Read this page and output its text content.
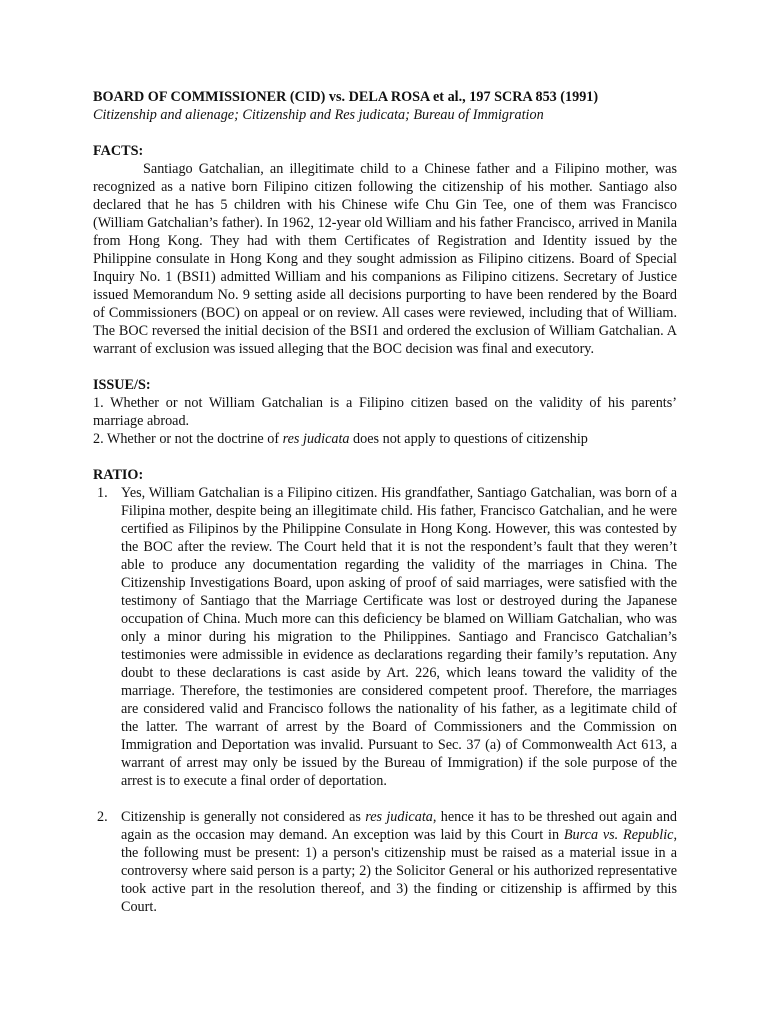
BOARD OF COMMISSIONER (CID) vs. DELA ROSA et al., 197 SCRA 853 (1991)

Citizenship and alienage; Citizenship and Res judicata; Bureau of Immigration

FACTS:

Santiago Gatchalian, an illegitimate child to a Chinese father and a Filipino mother, was recognized as a native born Filipino citizen following the citizenship of his mother. Santiago also declared that he has 5 children with his Chinese wife Chu Gin Tee, one of them was Francisco (William Gatchalian’s father). In 1962, 12-year old William and his father Francisco, arrived in Manila from Hong Kong. They had with them Certificates of Registration and Identity issued by the Philippine consulate in Hong Kong and they sought admission as Filipino citizens. Board of Special Inquiry No. 1 (BSI1) admitted William and his companions as Filipino citizens. Secretary of Justice issued Memorandum No. 9 setting aside all decisions purporting to have been rendered by the Board of Commissioners (BOC) on appeal or on review. All cases were reviewed, including that of William. The BOC reversed the initial decision of the BSI1 and ordered the exclusion of William Gatchalian. A warrant of exclusion was issued alleging that the BOC decision was final and executory.

ISSUE/S:

1. Whether or not William Gatchalian is a Filipino citizen based on the validity of his parents’ marriage abroad.

2. Whether or not the doctrine of res judicata does not apply to questions of citizenship

RATIO:

1. Yes, William Gatchalian is a Filipino citizen. His grandfather, Santiago Gatchalian, was born of a Filipina mother, despite being an illegitimate child. His father, Francisco Gatchalian, and he were certified as Filipinos by the Philippine Consulate in Hong Kong. However, this was contested by the BOC after the review. The Court held that it is not the respondent’s fault that they weren’t able to produce any documentation regarding the validity of the marriages in China. The Citizenship Investigations Board, upon asking of proof of said marriages, were satisfied with the testimony of Santiago that the Marriage Certificate was lost or destroyed during the Japanese occupation of China. Much more can this deficiency be blamed on William Gatchalian, who was only a minor during his migration to the Philippines. Santiago and Francisco Gatchalian’s testimonies were admissible in evidence as declarations regarding their family’s reputation. Any doubt to these declarations is cast aside by Art. 226, which leans toward the validity of the marriage. Therefore, the testimonies are considered competent proof. Therefore, the marriages are considered valid and Francisco follows the nationality of his father, as a legitimate child of the latter. The warrant of arrest by the Board of Commissioners and the Commission on Immigration and Deportation was invalid. Pursuant to Sec. 37 (a) of Commonwealth Act 613, a warrant of arrest may only be issued by the Bureau of Immigration) if the sole purpose of the arrest is to execute a final order of deportation.
2. Citizenship is generally not considered as res judicata, hence it has to be threshed out again and again as the occasion may demand. An exception was laid by this Court in Burca vs. Republic, the following must be present: 1) a person's citizenship must be raised as a material issue in a controversy where said person is a party; 2) the Solicitor General or his authorized representative took active part in the resolution thereof, and 3) the finding or citizenship is affirmed by this Court.
